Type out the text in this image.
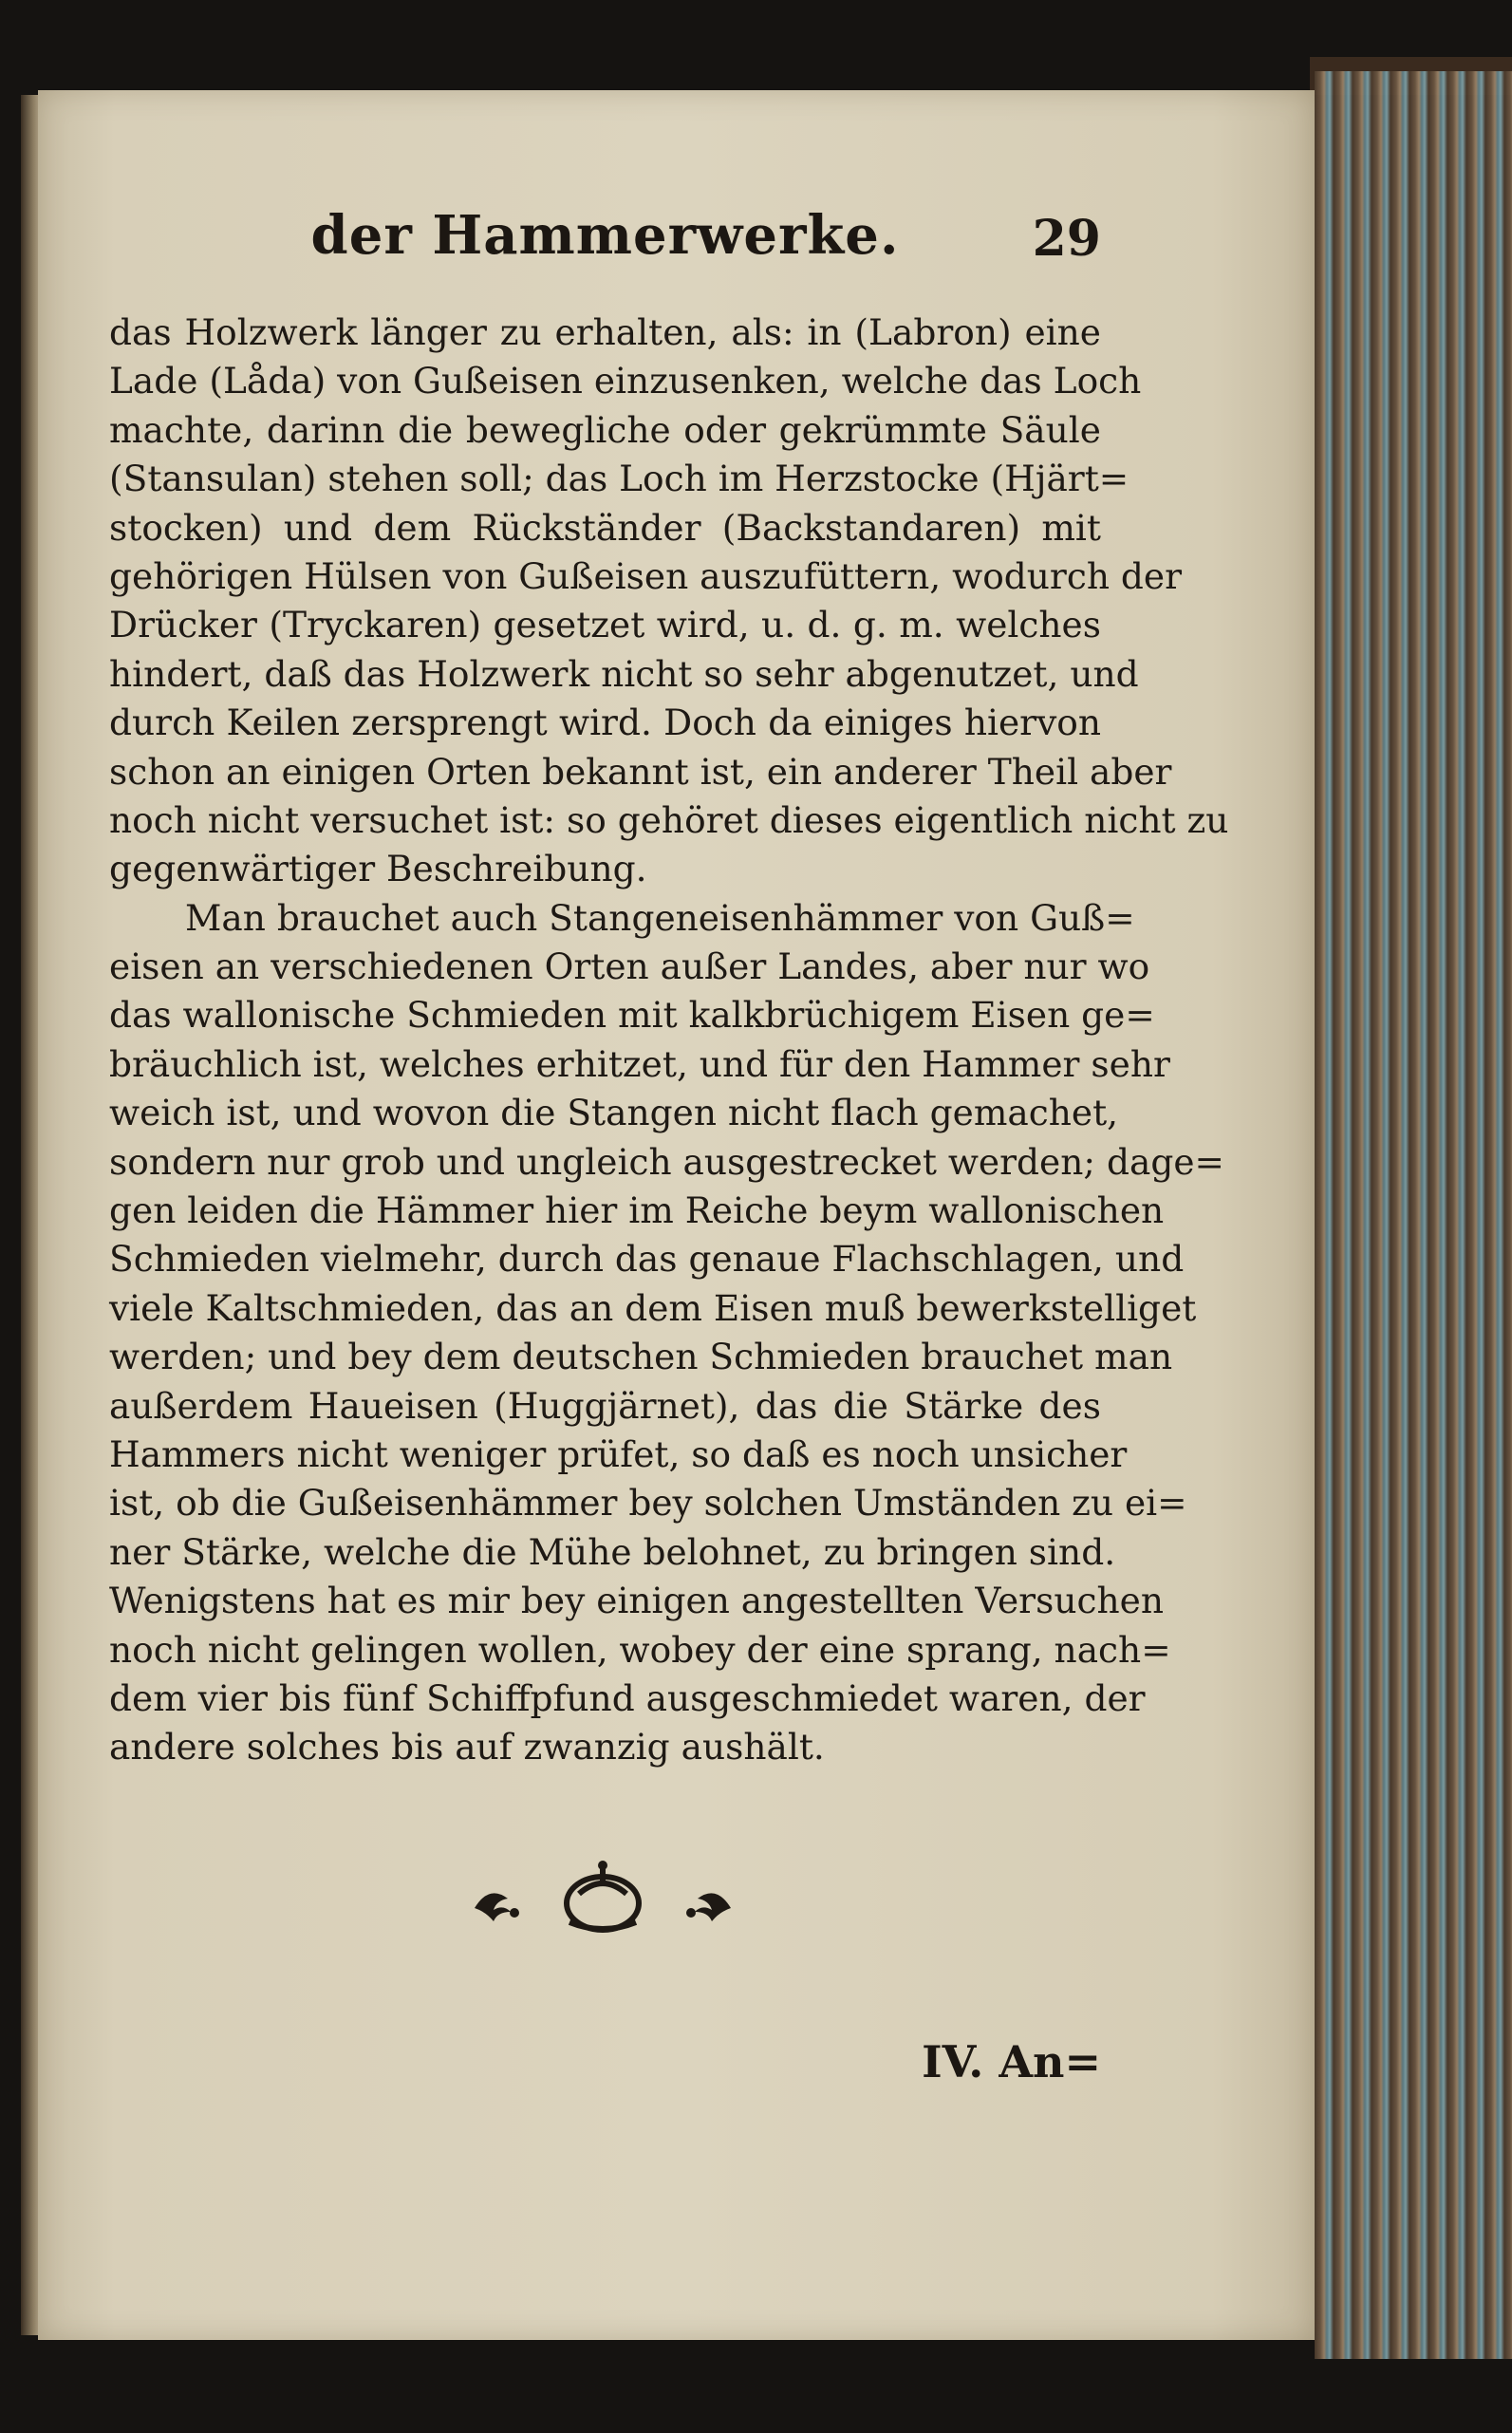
der Hammerwerke.	29
das Holzwerk länger zu erhalten, als: in (Labron) eine
Lade (Låda) von Gußeisen einzusenken, welche das Loch
machte, darinn die bewegliche oder gekrümmte Säule
(Stansulan) stehen soll; das Loch im Herzstocke (Hjärt=
stocken) und dem Rückständer (Backstandaren) mit
gehörigen Hülsen von Gußeisen auszufüttern, wodurch der
Drücker (Tryckaren) gesetzet wird, u. d. g. m. welches
hindert, daß das Holzwerk nicht so sehr abgenutzet, und
durch Keilen zersprengt wird. Doch da einiges hiervon
schon an einigen Orten bekannt ist, ein anderer Theil aber
noch nicht versuchet ist: so gehöret dieses eigentlich nicht zu
gegenwärtiger Beschreibung.
Man brauchet auch Stangeneisenhämmer von Guß=
eisen an verschiedenen Orten außer Landes, aber nur wo
das wallonische Schmieden mit kalkbrüchigem Eisen ge=
bräuchlich ist, welches erhitzet, und für den Hammer sehr
weich ist, und wovon die Stangen nicht flach gemachet,
sondern nur grob und ungleich ausgestrecket werden; dage=
gen leiden die Hämmer hier im Reiche beym wallonischen
Schmieden vielmehr, durch das genaue Flachschlagen, und
viele Kaltschmieden, das an dem Eisen muß bewerkstelliget
werden; und bey dem deutschen Schmieden brauchet man
außerdem Haueisen (Huggjärnet), das die Stärke des
Hammers nicht weniger prüfet, so daß es noch unsicher
ist, ob die Gußeisenhämmer bey solchen Umständen zu ei=
ner Stärke, welche die Mühe belohnet, zu bringen sind.
Wenigstens hat es mir bey einigen angestellten Versuchen
noch nicht gelingen wollen, wobey der eine sprang, nach=
dem vier bis fünf Schiffpfund ausgeschmiedet waren, der
andere solches bis auf zwanzig aushält.
IV. An=
